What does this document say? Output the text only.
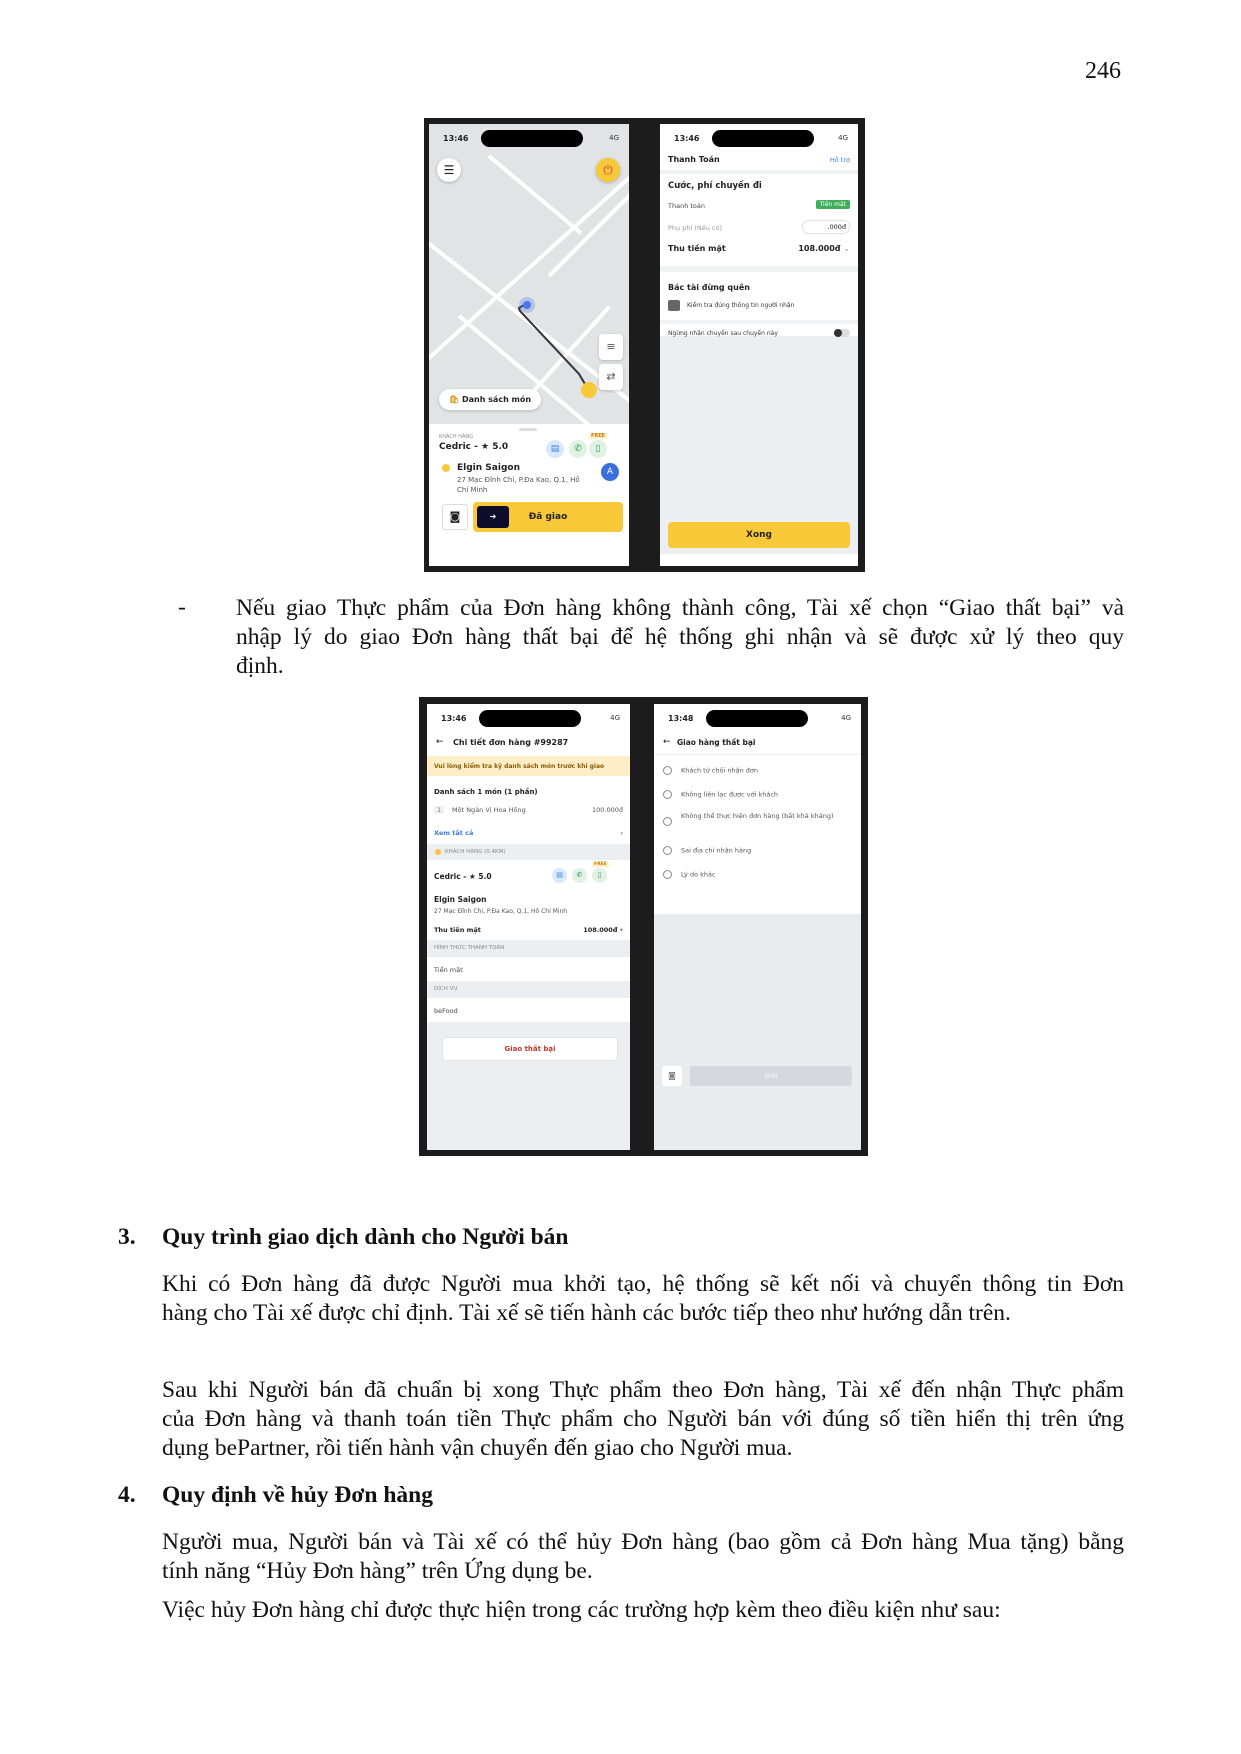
246
13:46	4G
☰	⏻
≡
⇄
🛍 Danh sách món
KHÁCH HÀNG
Cedric - ★ 5.0	▤	✆
FREE
▯
Elgin Saigon
27 Mạc Đĩnh Chi, P.Đa Kao, Q.1, Hồ Chí Minh
A
◙	➜	Đã giao
13:46	4G
Thanh Toán	Hỗ trợ
Cước, phí chuyến đi
Thanh toán	Tiền mặt
Phụ phí (Nếu có)	.000đ
Thu tiền mặt	108.000đ ⌄
Bác tài đừng quên
Kiểm tra đúng thông tin người nhận
Ngừng nhận chuyến sau chuyến này
Xong
- Nếu giao Thực phẩm của Đơn hàng không thành công, Tài xế chọn “Giao thất bại” và
nhập lý do giao Đơn hàng thất bại để hệ thống ghi nhận và sẽ được xử lý theo quy
định.
13:46	4G
← Chi tiết đơn hàng #99287
Vui lòng kiểm tra kỹ danh sách món trước khi giao
Danh sách 1 món (1 phần)
1	Một Ngàn Vị Hoa Hồng	100.000đ
Xem tất cả	›
KHÁCH HÀNG (0.4KM)
Cedric - ★ 5.0	▤	✆
FREE
▯
Elgin Saigon
27 Mạc Đĩnh Chi, P.Đa Kao, Q.1, Hồ Chí Minh
Thu tiền mặt	108.000đ ▾
HÌNH THỨC THANH TOÁN
Tiền mặt
DỊCH VỤ
beFood
Giao thất bại
13:48	4G
← Giao hàng thất bại
Khách từ chối nhận đơn
Không liên lạc được với khách
Không thể thực hiện đơn hàng (bất khả kháng)
Sai địa chỉ nhận hàng
Lý do khác
◙	Gửi
3. Quy trình giao dịch dành cho Người bán
Khi có Đơn hàng đã được Người mua khởi tạo, hệ thống sẽ kết nối và chuyển thông tin Đơn
hàng cho Tài xế được chỉ định. Tài xế sẽ tiến hành các bước tiếp theo như hướng dẫn trên.
Sau khi Người bán đã chuẩn bị xong Thực phẩm theo Đơn hàng, Tài xế đến nhận Thực phẩm
của Đơn hàng và thanh toán tiền Thực phẩm cho Người bán với đúng số tiền hiển thị trên ứng
dụng bePartner, rồi tiến hành vận chuyển đến giao cho Người mua.
4. Quy định về hủy Đơn hàng
Người mua, Người bán và Tài xế có thể hủy Đơn hàng (bao gồm cả Đơn hàng Mua tặng) bằng
tính năng “Hủy Đơn hàng” trên Ứng dụng be.
Việc hủy Đơn hàng chỉ được thực hiện trong các trường hợp kèm theo điều kiện như sau:
